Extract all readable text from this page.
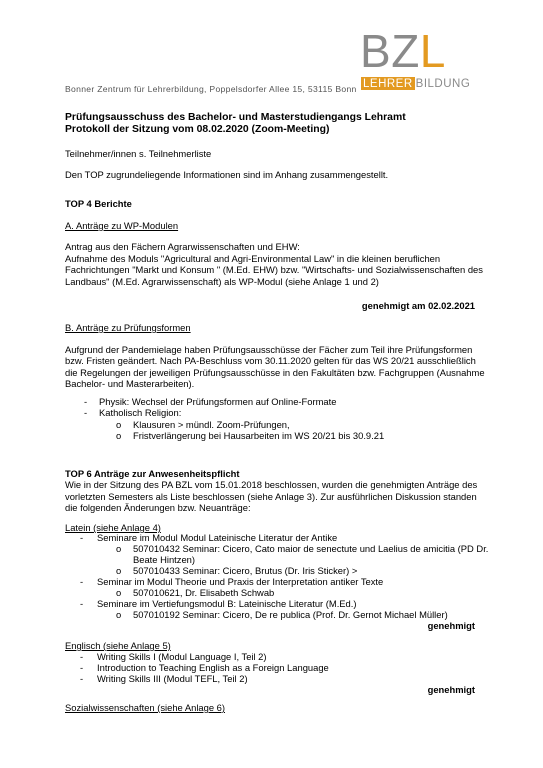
BZL
LEHRER BILDUNG
Bonner Zentrum für Lehrerbildung, Poppelsdorfer Allee 15, 53115 Bonn
Prüfungsausschuss des Bachelor- und Masterstudiengangs Lehramt
Protokoll der Sitzung vom 08.02.2020 (Zoom-Meeting)
Teilnehmer/innen s. Teilnehmerliste
Den TOP zugrundeliegende Informationen sind im Anhang zusammengestellt.
TOP 4 Berichte
A. Anträge zu WP-Modulen
Antrag aus den Fächern Agrarwissenschaften und EHW:
Aufnahme des Moduls "Agricultural and Agri-Environmental Law" in die kleinen beruflichen
Fachrichtungen "Markt und Konsum " (M.Ed. EHW) bzw. "Wirtschafts- und Sozialwissenschaften des
Landbaus" (M.Ed. Agrarwissenschaft) als WP-Modul (siehe Anlage 1 und 2)
genehmigt am 02.02.2021
B. Anträge zu Prüfungsformen
Aufgrund der Pandemielage haben Prüfungsausschüsse der Fächer zum Teil ihre Prüfungsformen
bzw. Fristen geändert. Nach PA-Beschluss vom 30.11.2020 gelten für das WS 20/21 ausschließlich
die Regelungen der jeweiligen Prüfungsausschüsse in den Fakultäten bzw. Fachgruppen (Ausnahme
Bachelor- und Masterarbeiten).
- Physik: Wechsel der Prüfungsformen auf Online-Formate
- Katholisch Religion:
o Klausuren > mündl. Zoom-Prüfungen,
o Fristverlängerung bei Hausarbeiten im WS 20/21 bis 30.9.21
TOP 6 Anträge zur Anwesenheitspflicht
Wie in der Sitzung des PA BZL vom 15.01.2018 beschlossen, wurden die genehmigten Anträge des
vorletzten Semesters als Liste beschlossen (siehe Anlage 3). Zur ausführlichen Diskussion standen
die folgenden Änderungen bzw. Neuanträge:
Latein (siehe Anlage 4)
- Seminare im Modul Modul Lateinische Literatur der Antike
o 507010432 Seminar: Cicero, Cato maior de senectute und Laelius de amicitia (PD Dr.
Beate Hintzen)
o 507010433 Seminar: Cicero, Brutus (Dr. Iris Sticker) >
- Seminar im Modul Theorie und Praxis der Interpretation antiker Texte
o 507010621, Dr. Elisabeth Schwab
- Seminare im Vertiefungsmodul B: Lateinische Literatur (M.Ed.)
o 507010192 Seminar: Cicero, De re publica (Prof. Dr. Gernot Michael Müller)
genehmigt
Englisch (siehe Anlage 5)
- Writing Skills I (Modul Language I, Teil 2)
- Introduction to Teaching English as a Foreign Language
- Writing Skills III (Modul TEFL, Teil 2)
genehmigt
Sozialwissenschaften (siehe Anlage 6)
